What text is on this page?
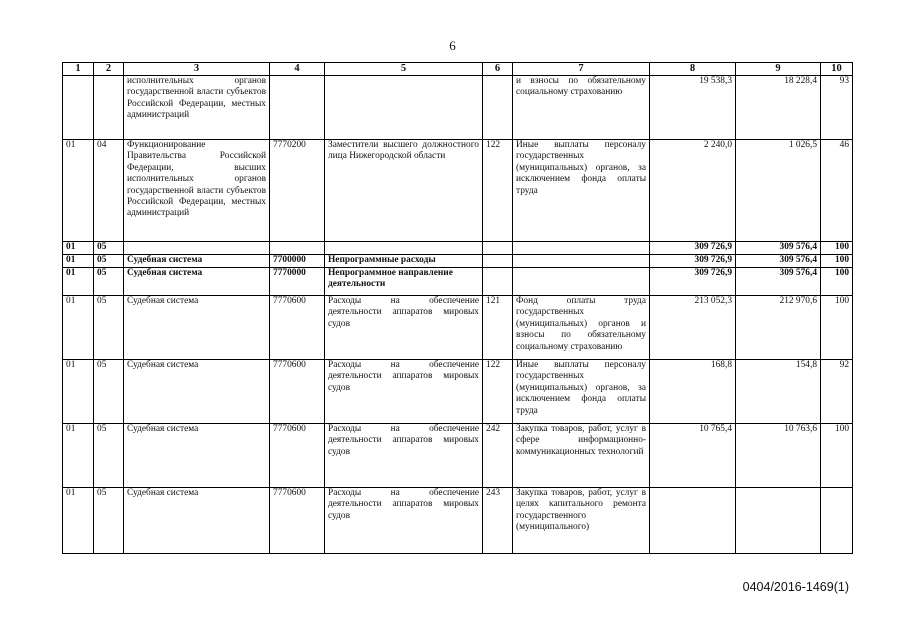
6
1	2	3	4	5	6	7	8	9	10
		исполнительных органов государственной власти субъектов Российской Федерации, местных администраций				и взносы по обязательному социальному страхованию	19 538,3	18 228,4	93
01	04	Функционирование Правительства Российской Федерации, высших исполнительных органов государственной власти субъектов Российской Федерации, местных администраций	7770200	Заместители высшего должностного лица Нижегородской области	122	Иные выплаты персоналу государственных (муниципальных) органов, за исключением фонда оплаты труда	2 240,0	1 026,5	46
01	05						309 726,9	309 576,4	100
01	05	Судебная система	7700000	Непрограммные расходы			309 726,9	309 576,4	100
01	05	Судебная система	7770000	Непрограммное направление деятельности			309 726,9	309 576,4	100
01	05	Судебная система	7770600	Расходы на обеспечение деятельности аппаратов мировых судов	121	Фонд оплаты труда государственных (муниципальных) органов и взносы по обязательному социальному страхованию	213 052,3	212 970,6	100
01	05	Судебная система	7770600	Расходы на обеспечение деятельности аппаратов мировых судов	122	Иные выплаты персоналу государственных (муниципальных) органов, за исключением фонда оплаты труда	168,8	154,8	92
01	05	Судебная система	7770600	Расходы на обеспечение деятельности аппаратов мировых судов	242	Закупка товаров, работ, услуг в сфере информационно-коммуникационных технологий	10 765,4	10 763,6	100
01	05	Судебная система	7770600	Расходы на обеспечение деятельности аппаратов мировых судов	243	Закупка товаров, работ, услуг в целях капитального ремонта государственного (муниципального)			
0404/2016-1469(1)
